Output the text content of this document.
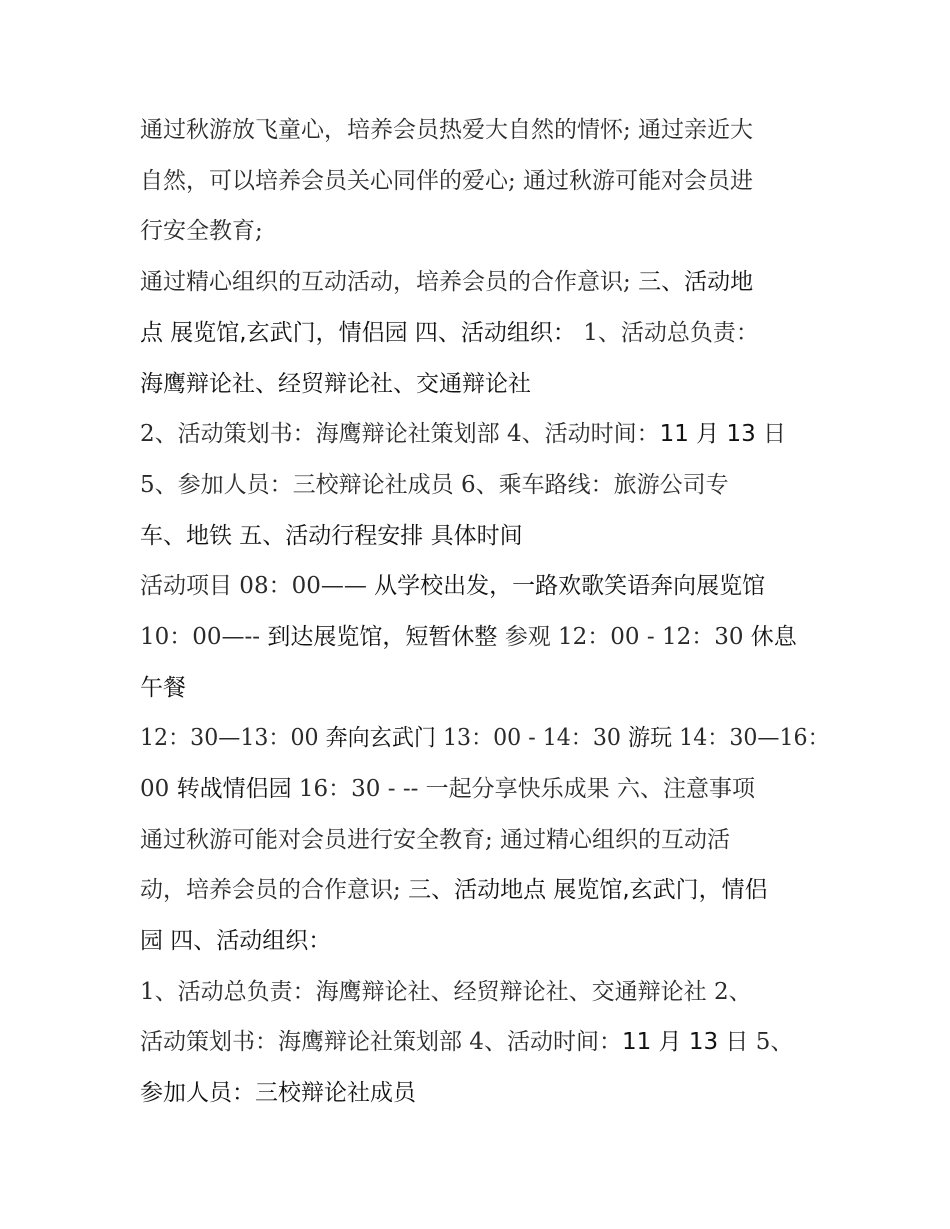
通过秋游放飞童心，培养会员热爱大自然的情怀; 通过亲近大
自然，可以培养会员关心同伴的爱心; 通过秋游可能对会员进
行安全教育;
通过精心组织的互动活动，培养会员的合作意识; 三、活动地
点 展览馆,玄武门，情侣园 四、活动组织： 1、活动总负责：
海鹰辩论社、经贸辩论社、交通辩论社
2、活动策划书：海鹰辩论社策划部 4、活动时间：11 月 13 日
5、参加人员：三校辩论社成员 6、乘车路线：旅游公司专
车、地铁 五、活动行程安排 具体时间
活动项目 08：00—— 从学校出发，一路欢歌笑语奔向展览馆
10：00—-- 到达展览馆，短暂休整 参观 12：00 - 12：30 休息
午餐
12：30—13：00 奔向玄武门 13：00 - 14：30 游玩 14：30—16：
00 转战情侣园 16：30 - -- 一起分享快乐成果 六、注意事项
通过秋游可能对会员进行安全教育; 通过精心组织的互动活
动，培养会员的合作意识; 三、活动地点 展览馆,玄武门，情侣
园 四、活动组织：
1、活动总负责：海鹰辩论社、经贸辩论社、交通辩论社 2、
活动策划书：海鹰辩论社策划部 4、活动时间：11 月 13 日 5、
参加人员：三校辩论社成员
